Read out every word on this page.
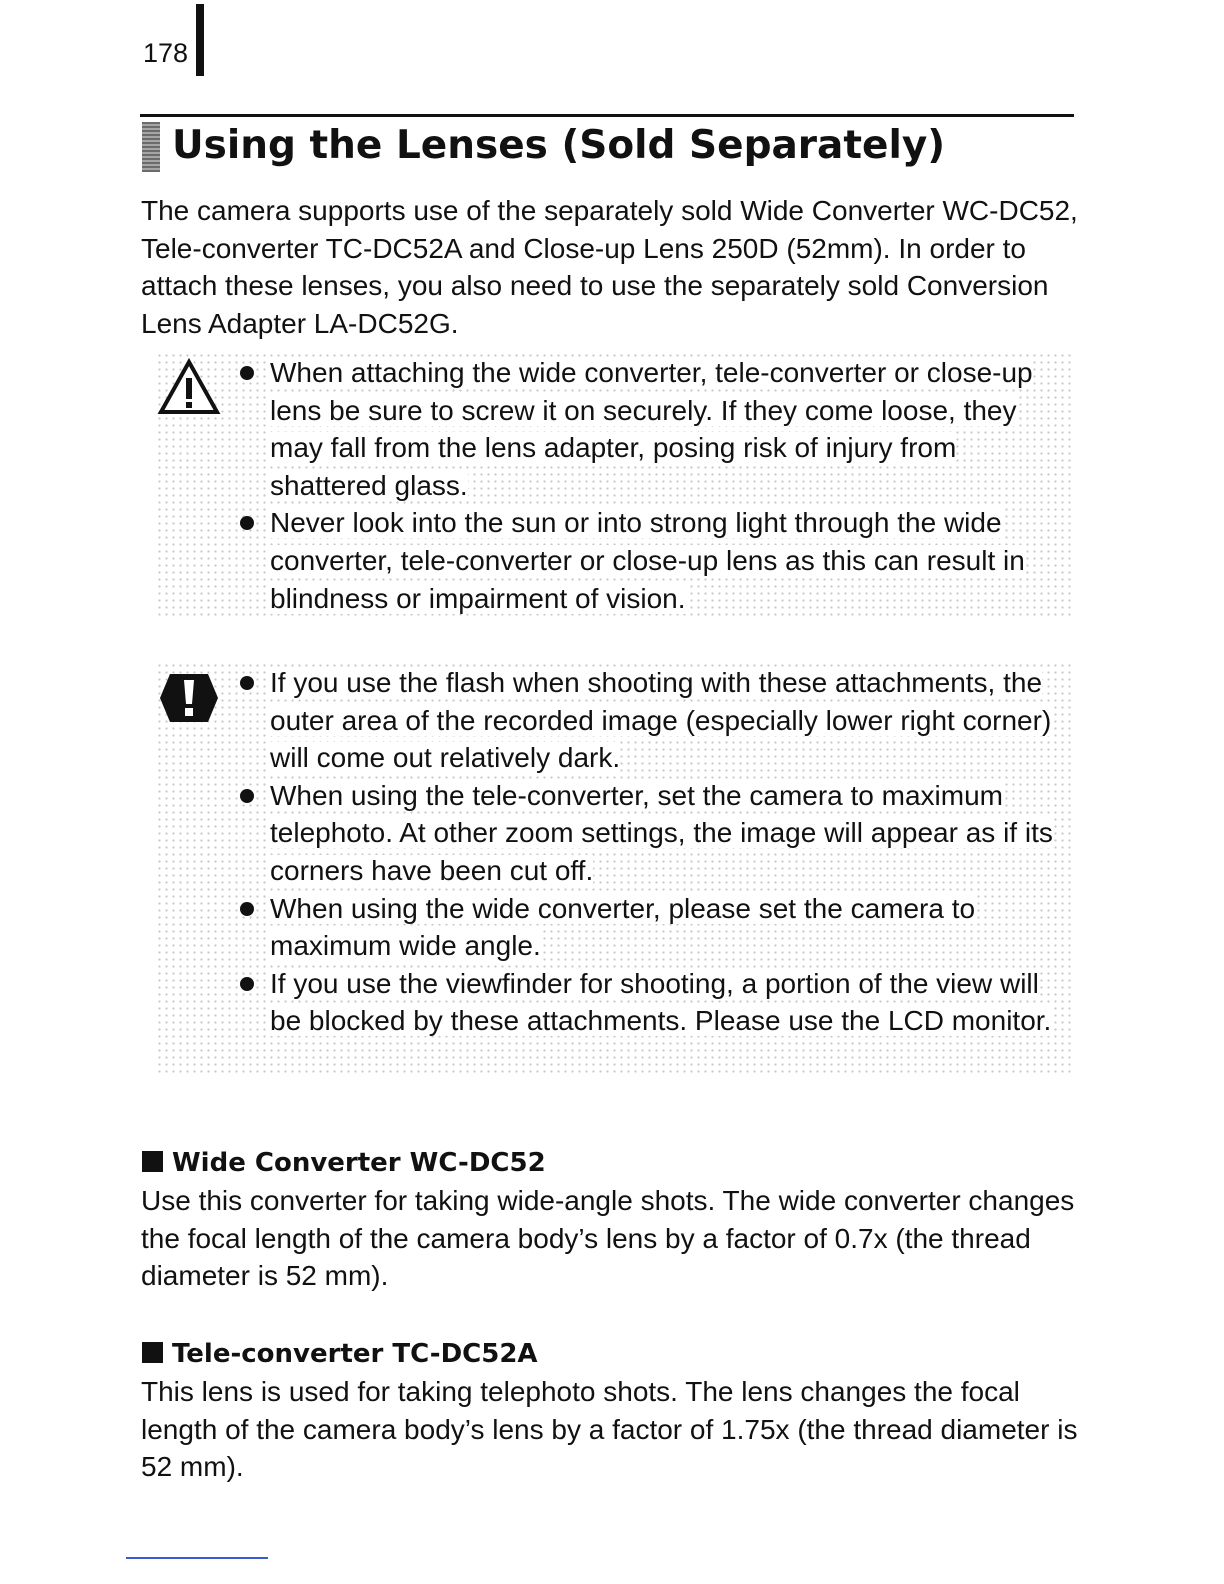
178
Using the Lenses (Sold Separately)

The camera supports use of the separately sold Wide Converter WC-DC52, Tele-converter TC-DC52A and Close-up Lens 250D (52mm). In order to attach these lenses, you also need to use the separately sold Conversion Lens Adapter LA-DC52G.

When attaching the wide converter, tele-converter or close-up lens be sure to screw it on securely. If they come loose, they may fall from the lens adapter, posing risk of injury from shattered glass.
Never look into the sun or into strong light through the wide converter, tele-converter or close-up lens as this can result in blindness or impairment of vision.
If you use the flash when shooting with these attachments, the outer area of the recorded image (especially lower right corner) will come out relatively dark.
When using the tele-converter, set the camera to maximum telephoto. At other zoom settings, the image will appear as if its corners have been cut off.
When using the wide converter, please set the camera to maximum wide angle.
If you use the viewfinder for shooting, a portion of the view will be blocked by these attachments. Please use the LCD monitor.
Wide Converter WC-DC52

Use this converter for taking wide-angle shots. The wide converter changes the focal length of the camera body’s lens by a factor of 0.7x (the thread diameter is 52 mm).

Tele-converter TC-DC52A

This lens is used for taking telephoto shots. The lens changes the focal length of the camera body’s lens by a factor of 1.75x (the thread diameter is 52 mm).
